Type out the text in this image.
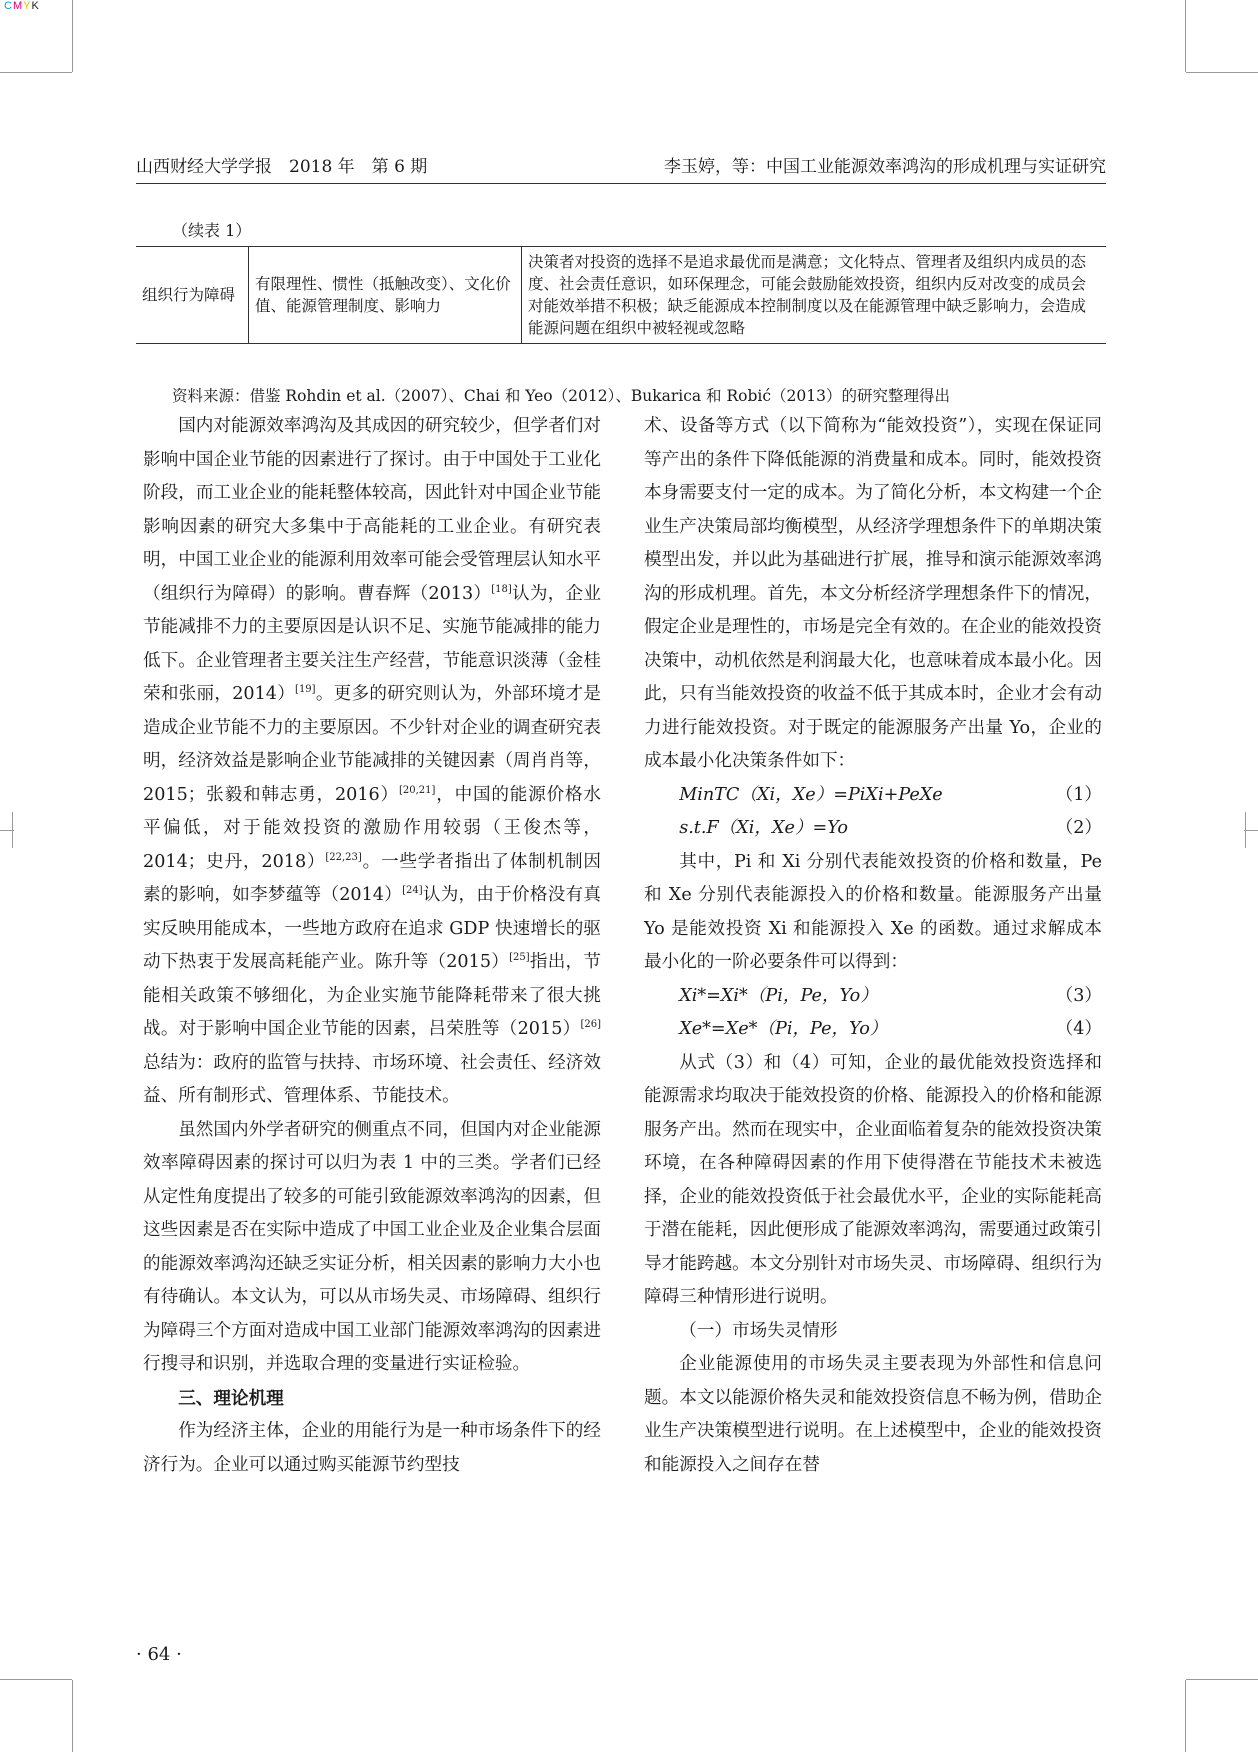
CMYK
山西财经大学学报　2018 年　第 6 期	李玉婷，等：中国工业能源效率鸿沟的形成机理与实证研究
（续表 1）
组织行为障碍	有限理性、惯性（抵触改变）、文化价值、能源管理制度、影响力	决策者对投资的选择不是追求最优而是满意；文化特点、管理者及组织内成员的态度、社会责任意识，如环保理念，可能会鼓励能效投资，组织内反对改变的成员会对能效举措不积极；缺乏能源成本控制制度以及在能源管理中缺乏影响力，会造成能源问题在组织中被轻视或忽略
资料来源：借鉴 Rohdin et al.（2007）、Chai 和 Yeo（2012）、Bukarica 和 Robić（2013）的研究整理得出

国内对能源效率鸿沟及其成因的研究较少，但学者们对影响中国企业节能的因素进行了探讨。由于中国处于工业化阶段，而工业企业的能耗整体较高，因此针对中国企业节能影响因素的研究大多集中于高能耗的工业企业。有研究表明，中国工业企业的能源利用效率可能会受管理层认知水平（组织行为障碍）的影响。曹春辉（2013）[18]认为，企业节能减排不力的主要原因是认识不足、实施节能减排的能力低下。企业管理者主要关注生产经营，节能意识淡薄（金桂荣和张丽，2014）[19]。更多的研究则认为，外部环境才是造成企业节能不力的主要原因。不少针对企业的调查研究表明，经济效益是影响企业节能减排的关键因素（周肖肖等，2015；张毅和韩志勇，2016）[20,21]，中国的能源价格水平偏低，对于能效投资的激励作用较弱（王俊杰等，2014；史丹，2018）[22,23]。一些学者指出了体制机制因素的影响，如李梦蕴等（2014）[24]认为，由于价格没有真实反映用能成本，一些地方政府在追求 GDP 快速增长的驱动下热衷于发展高耗能产业。陈升等（2015）[25]指出，节能相关政策不够细化，为企业实施节能降耗带来了很大挑战。对于影响中国企业节能的因素，吕荣胜等（2015）[26]总结为：政府的监管与扶持、市场环境、社会责任、经济效益、所有制形式、管理体系、节能技术。

虽然国内外学者研究的侧重点不同，但国内对企业能源效率障碍因素的探讨可以归为表 1 中的三类。学者们已经从定性角度提出了较多的可能引致能源效率鸿沟的因素，但这些因素是否在实际中造成了中国工业企业及企业集合层面的能源效率鸿沟还缺乏实证分析，相关因素的影响力大小也有待确认。本文认为，可以从市场失灵、市场障碍、组织行为障碍三个方面对造成中国工业部门能源效率鸿沟的因素进行搜寻和识别，并选取合理的变量进行实证检验。

三、理论机理

作为经济主体，企业的用能行为是一种市场条件下的经济行为。企业可以通过购买能源节约型技

术、设备等方式（以下简称为“能效投资”），实现在保证同等产出的条件下降低能源的消费量和成本。同时，能效投资本身需要支付一定的成本。为了简化分析，本文构建一个企业生产决策局部均衡模型，从经济学理想条件下的单期决策模型出发，并以此为基础进行扩展，推导和演示能源效率鸿沟的形成机理。首先，本文分析经济学理想条件下的情况，假定企业是理性的，市场是完全有效的。在企业的能效投资决策中，动机依然是利润最大化，也意味着成本最小化。因此，只有当能效投资的收益不低于其成本时，企业才会有动力进行能效投资。对于既定的能源服务产出量 Yo，企业的成本最小化决策条件如下：

MinTC（Xi，Xe）=PiXi+PeXe	（1）
s.t.F（Xi，Xe）=Yo	（2）

其中，Pi 和 Xi 分别代表能效投资的价格和数量，Pe 和 Xe 分别代表能源投入的价格和数量。能源服务产出量 Yo 是能效投资 Xi 和能源投入 Xe 的函数。通过求解成本最小化的一阶必要条件可以得到：

Xi*=Xi*（Pi，Pe，Yo）	（3）
Xe*=Xe*（Pi，Pe，Yo）	（4）

从式（3）和（4）可知，企业的最优能效投资选择和能源需求均取决于能效投资的价格、能源投入的价格和能源服务产出。然而在现实中，企业面临着复杂的能效投资决策环境，在各种障碍因素的作用下使得潜在节能技术未被选择，企业的能效投资低于社会最优水平，企业的实际能耗高于潜在能耗，因此便形成了能源效率鸿沟，需要通过政策引导才能跨越。本文分别针对市场失灵、市场障碍、组织行为障碍三种情形进行说明。

（一）市场失灵情形

企业能源使用的市场失灵主要表现为外部性和信息问题。本文以能源价格失灵和能效投资信息不畅为例，借助企业生产决策模型进行说明。在上述模型中，企业的能效投资和能源投入之间存在替

· 64 ·
